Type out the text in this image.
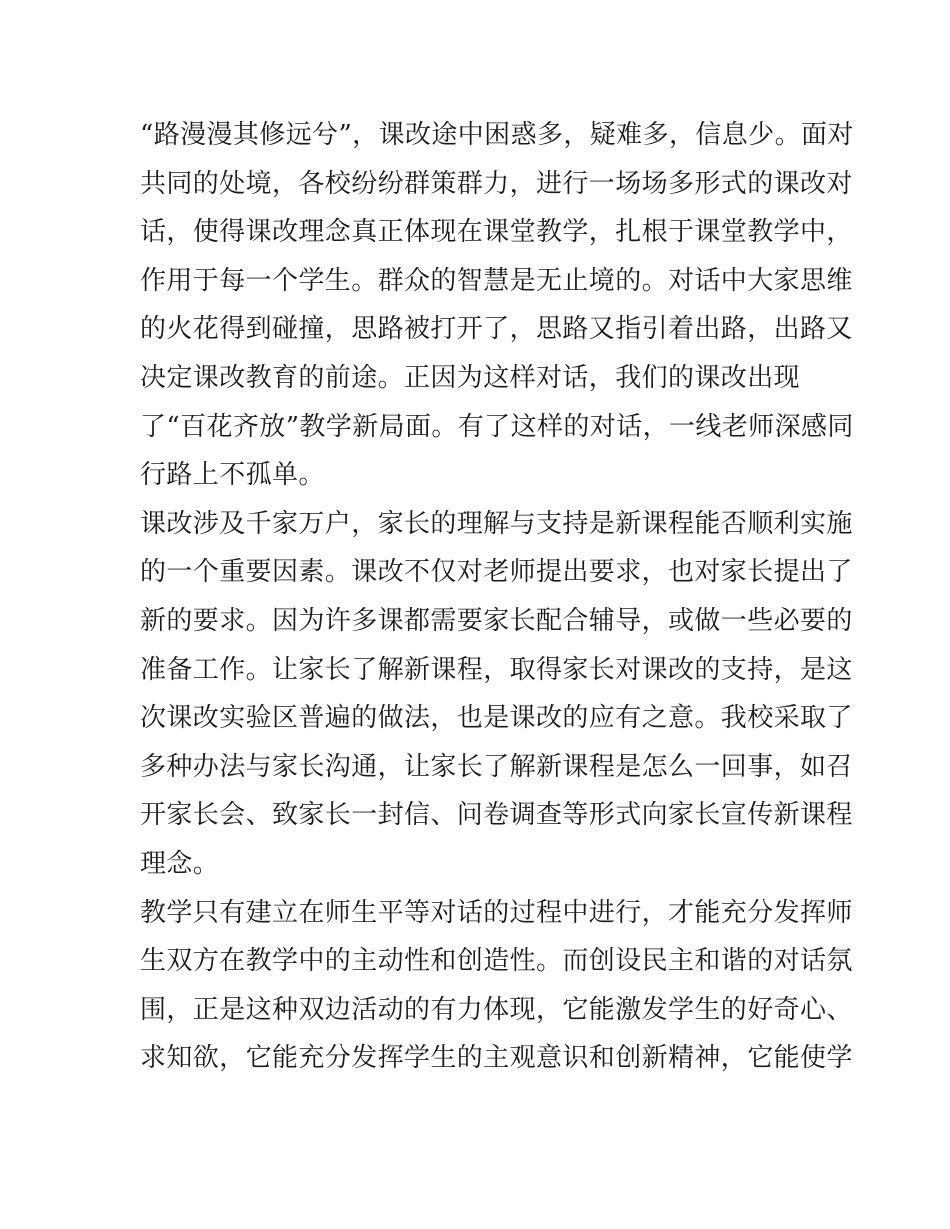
“路漫漫其修远兮”，课改途中困惑多，疑难多，信息少。面对
共同的处境，各校纷纷群策群力，进行一场场多形式的课改对
话，使得课改理念真正体现在课堂教学，扎根于课堂教学中，
作用于每一个学生。群众的智慧是无止境的。对话中大家思维
的火花得到碰撞，思路被打开了，思路又指引着出路，出路又
决定课改教育的前途。正因为这样对话，我们的课改出现
了“百花齐放”教学新局面。有了这样的对话，一线老师深感同
行路上不孤单。
课改涉及千家万户，家长的理解与支持是新课程能否顺利实施
的一个重要因素。课改不仅对老师提出要求，也对家长提出了
新的要求。因为许多课都需要家长配合辅导，或做一些必要的
准备工作。让家长了解新课程，取得家长对课改的支持，是这
次课改实验区普遍的做法，也是课改的应有之意。我校采取了
多种办法与家长沟通，让家长了解新课程是怎么一回事，如召
开家长会、致家长一封信、问卷调查等形式向家长宣传新课程
理念。
教学只有建立在师生平等对话的过程中进行，才能充分发挥师
生双方在教学中的主动性和创造性。而创设民主和谐的对话氛
围，正是这种双边活动的有力体现，它能激发学生的好奇心、
求知欲，它能充分发挥学生的主观意识和创新精神，它能使学
